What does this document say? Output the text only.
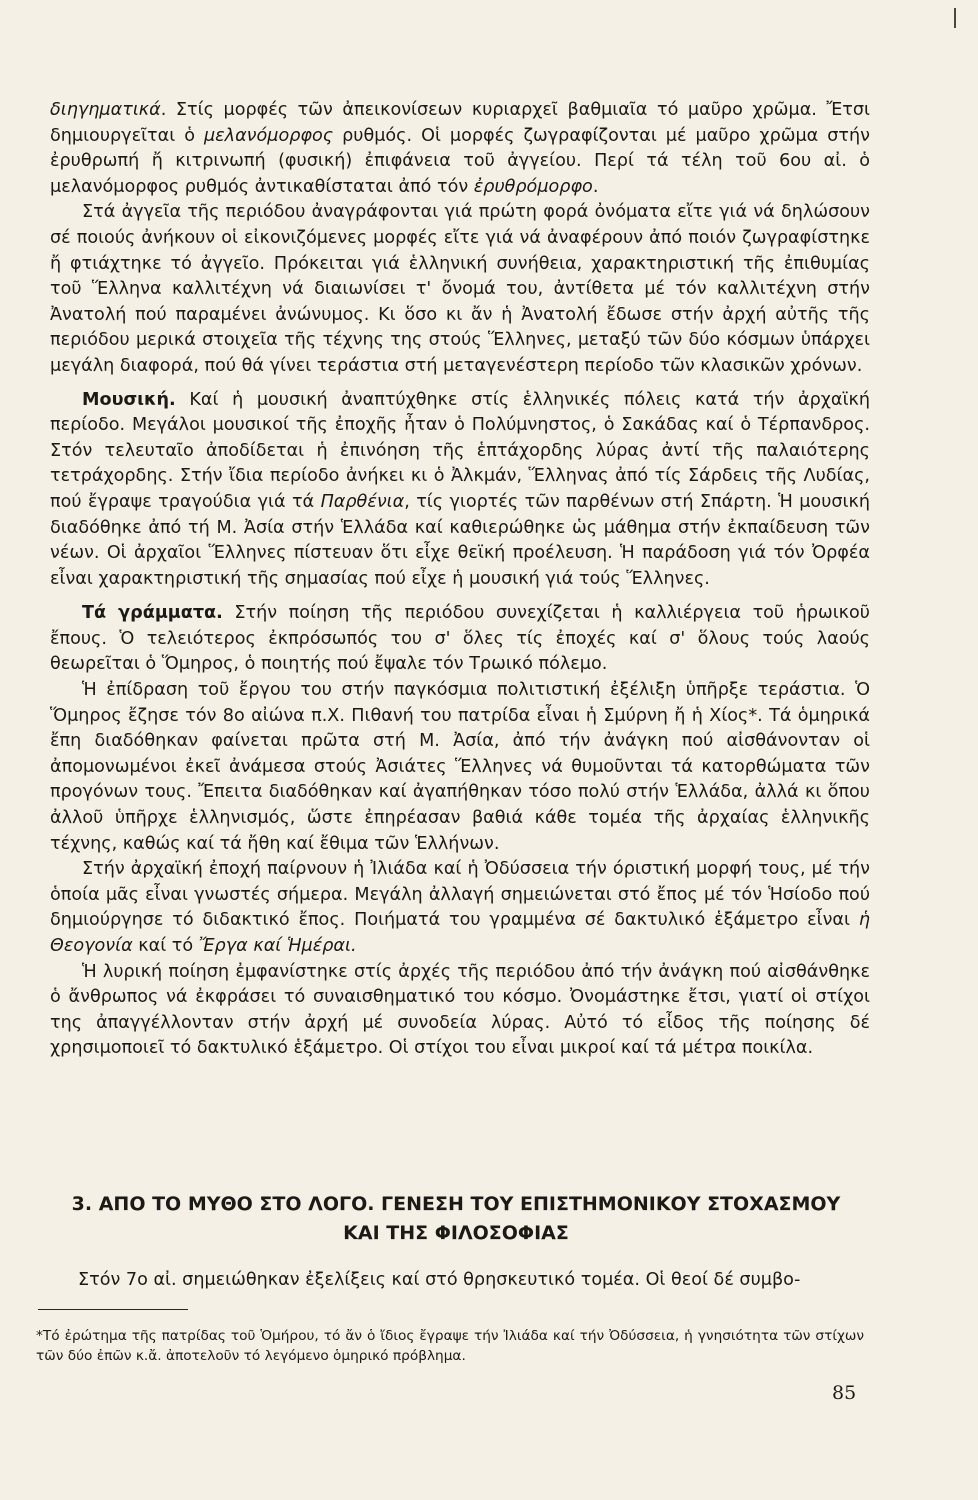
διηγηματικά. Στίς μορφές τῶν ἀπεικονίσεων κυριαρχεῖ βαθμιαῖα τό μαῦρο χρῶμα. Ἔτσι δημιουργεῖται ὁ μελανόμορφος ρυθμός. Οἱ μορφές ζωγραφίζονται μέ μαῦρο χρῶμα στήν ἐρυθρωπή ἤ κιτρινωπή (φυσική) ἐπιφάνεια τοῦ ἀγγείου. Περί τά τέλη τοῦ 6ου αἰ. ὁ μελανόμορφος ρυθμός ἀντικαθίσταται ἀπό τόν ἐρυθρόμορφο.

Στά ἀγγεῖα τῆς περιόδου ἀναγράφονται γιά πρώτη φορά ὀνόματα εἴτε γιά νά δηλώσουν σέ ποιούς ἀνήκουν οἱ εἰκονιζόμενες μορφές εἴτε γιά νά ἀναφέρουν ἀπό ποιόν ζωγραφίστηκε ἤ φτιάχτηκε τό ἀγγεῖο. Πρόκειται γιά ἑλληνική συνήθεια, χαρακτηριστική τῆς ἐπιθυμίας τοῦ Ἕλληνα καλλιτέχνη νά διαιωνίσει τ' ὄνομά του, ἀντίθετα μέ τόν καλλιτέχνη στήν Ἀνατολή πού παραμένει ἀνώνυμος. Κι ὅσο κι ἄν ἡ Ἀνατολή ἔδωσε στήν ἀρχή αὐτῆς τῆς περιόδου μερικά στοιχεῖα τῆς τέχνης της στούς Ἕλληνες, μεταξύ τῶν δύο κόσμων ὑπάρχει μεγάλη διαφορά, πού θά γίνει τεράστια στή μεταγενέστερη περίοδο τῶν κλασικῶν χρόνων.

Μουσική. Καί ἡ μουσική ἀναπτύχθηκε στίς ἑλληνικές πόλεις κατά τήν ἀρχαϊκή περίοδο. Μεγάλοι μουσικοί τῆς ἐποχῆς ἦταν ὁ Πολύμνηστος, ὁ Σακάδας καί ὁ Τέρπανδρος. Στόν τελευταῖο ἀποδίδεται ἡ ἐπινόηση τῆς ἑπτάχορδης λύρας ἀντί τῆς παλαιότερης τετράχορδης. Στήν ἴδια περίοδο ἀνήκει κι ὁ Ἀλκμάν, Ἕλληνας ἀπό τίς Σάρδεις τῆς Λυδίας, πού ἔγραψε τραγούδια γιά τά Παρθένια, τίς γιορτές τῶν παρθένων στή Σπάρτη. Ἡ μουσική διαδόθηκε ἀπό τή Μ. Ἀσία στήν Ἑλλάδα καί καθιερώθηκε ὡς μάθημα στήν ἐκπαίδευση τῶν νέων. Οἱ ἀρχαῖοι Ἕλληνες πίστευαν ὅτι εἶχε θεϊκή προέλευση. Ἡ παράδοση γιά τόν Ὀρφέα εἶναι χαρακτηριστική τῆς σημασίας πού εἶχε ἡ μουσική γιά τούς Ἕλληνες.

Τά γράμματα. Στήν ποίηση τῆς περιόδου συνεχίζεται ἡ καλλιέργεια τοῦ ἡρωικοῦ ἔπους. Ὁ τελειότερος ἐκπρόσωπός του σ' ὅλες τίς ἐποχές καί σ' ὅλους τούς λαούς θεωρεῖται ὁ Ὅμηρος, ὁ ποιητής πού ἔψαλε τόν Τρωικό πόλεμο.

Ἡ ἐπίδραση τοῦ ἔργου του στήν παγκόσμια πολιτιστική ἐξέλιξη ὑπῆρξε τεράστια. Ὁ Ὅμηρος ἔζησε τόν 8ο αἰώνα π.Χ. Πιθανή του πατρίδα εἶναι ἡ Σμύρνη ἤ ἡ Χίος*. Τά ὁμηρικά ἔπη διαδόθηκαν φαίνεται πρῶτα στή Μ. Ἀσία, ἀπό τήν ἀνάγκη πού αἰσθάνονταν οἱ ἀπομονωμένοι ἐκεῖ ἀνάμεσα στούς Ἀσιάτες Ἕλληνες νά θυμοῦνται τά κατορθώματα τῶν προγόνων τους. Ἔπειτα διαδόθηκαν καί ἀγαπήθηκαν τόσο πολύ στήν Ἑλλάδα, ἀλλά κι ὅπου ἀλλοῦ ὑπῆρχε ἑλληνισμός, ὥστε ἐπηρέασαν βαθιά κάθε τομέα τῆς ἀρχαίας ἑλληνικῆς τέχνης, καθώς καί τά ἤθη καί ἔθιμα τῶν Ἑλλήνων.

Στήν ἀρχαϊκή ἐποχή παίρνουν ἡ Ἰλιάδα καί ἡ Ὀδύσσεια τήν όριστική μορφή τους, μέ τήν ὁποία μᾶς εἶναι γνωστές σήμερα. Μεγάλη ἀλλαγή σημειώνεται στό ἔπος μέ τόν Ἡσίοδο πού δημιούργησε τό διδακτικό ἔπος. Ποιήματά του γραμμένα σέ δακτυλικό ἑξάμετρο εἶναι ἡ Θεογονία καί τό Ἔργα καί Ἡμέραι.

Ἡ λυρική ποίηση ἐμφανίστηκε στίς ἀρχές τῆς περιόδου ἀπό τήν ἀνάγκη πού αἰσθάνθηκε ὁ ἄνθρωπος νά ἐκφράσει τό συναισθηματικό του κόσμο. Ὀνομάστηκε ἔτσι, γιατί οἱ στίχοι της ἀπαγγέλλονταν στήν ἀρχή μέ συνοδεία λύρας. Αὐτό τό εἶδος τῆς ποίησης δέ χρησιμοποιεῖ τό δακτυλικό ἑξάμετρο. Οἱ στίχοι του εἶναι μικροί καί τά μέτρα ποικίλα.

3. ΑΠΟ ΤΟ ΜΥΘΟ ΣΤΟ ΛΟΓΟ. ΓΕΝΕΣΗ ΤΟΥ ΕΠΙΣΤΗΜΟΝΙΚΟΥ ΣΤΟΧΑΣΜΟΥ
ΚΑΙ ΤΗΣ ΦΙΛΟΣΟΦΙΑΣ
Στόν 7ο αἰ. σημειώθηκαν ἐξελίξεις καί στό θρησκευτικό τομέα. Οἱ θεοί δέ συμβο-
*Τό ἐρώτημα τῆς πατρίδας τοῦ Ὁμήρου, τό ἄν ὁ ἴδιος ἔγραψε τήν Ἰλιάδα καί τήν Ὀδύσσεια, ἡ γνησιότητα τῶν στίχων τῶν δύο ἐπῶν κ.ἄ. ἀποτελοῦν τό λεγόμενο ὁμηρικό πρόβλημα.
85
